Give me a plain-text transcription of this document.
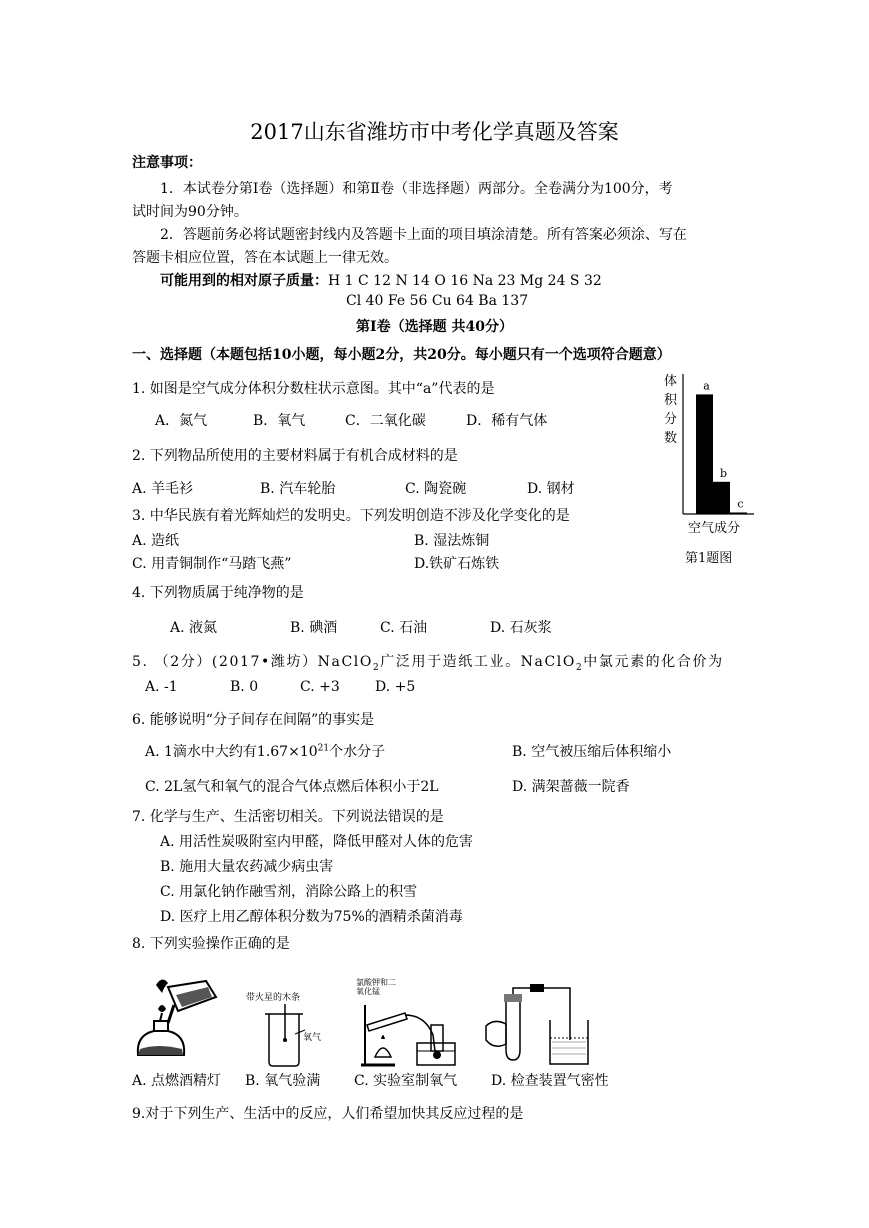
2017山东省潍坊市中考化学真题及答案
注意事项：
1．本试卷分第Ⅰ卷（选择题）和第Ⅱ卷（非选择题）两部分。全卷满分为100分，考
试时间为90分钟。
2．答题前务必将试题密封线内及答题卡上面的项目填涂清楚。所有答案必须涂、写在
答题卡相应位置，答在本试题上一律无效。
可能用到的相对原子质量：H 1 C 12 N 14 O 16 Na 23 Mg 24 S 32
Cl 40 Fe 56 Cu 64 Ba 137
第Ⅰ卷（选择题 共40分）
一、选择题（本题包括10小题，每小题2分，共20分。每小题只有一个选项符合题意）
1. 如图是空气成分体积分数柱状示意图。其中“a”代表的是
A．氮气	B．氧气	C．二氧化碳	D．稀有气体
2. 下列物品所使用的主要材料属于有机合成材料的是
A. 羊毛衫	B. 汽车轮胎	C. 陶瓷碗	D. 钢材
3. 中华民族有着光辉灿烂的发明史。下列发明创造不涉及化学变化的是
A. 造纸	B. 湿法炼铜
C. 用青铜制作“马踏飞燕”	D.铁矿石炼铁
4. 下列物质属于纯净物的是
A. 液氮	B. 碘酒	C. 石油	D. 石灰浆
5. （2分）(2017•潍坊）NaClO$_2$广泛用于造纸工业。NaClO$_2$中氯元素的化合价为
A. -1	B. 0	C. +3	D. +5
6. 能够说明“分子间存在间隔”的事实是
A. 1滴水中大约有$1.67\times 10^{21}$个水分子	B. 空气被压缩后体积缩小
C. 2L氢气和氧气的混合气体点燃后体积小于2L	D. 满架蔷薇一院香
7. 化学与生产、生活密切相关。下列说法错误的是
A. 用活性炭吸附室内甲醛，降低甲醛对人体的危害
B. 施用大量农药减少病虫害
C. 用氯化钠作融雪剂，消除公路上的积雪
D. 医疗上用乙醇体积分数为75%的酒精杀菌消毒
8. 下列实验操作正确的是
带火星的木条
氧气
氯酸钾和二氧化锰
A. 点燃酒精灯 B. 氧气验满 C. 实验室制氧气 D. 检查装置气密性
9.对于下列生产、生活中的反应，人们希望加快其反应过程的是
体
积
分
数
a
b
c
空气成分
第1题图
